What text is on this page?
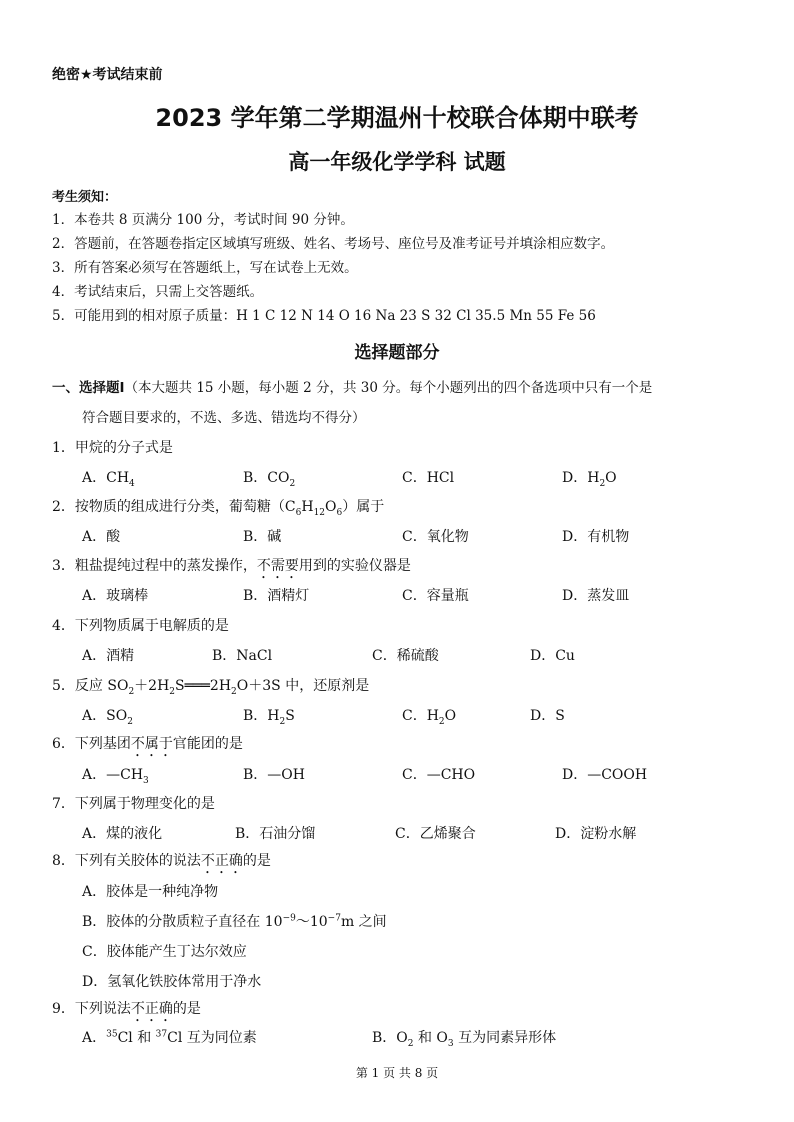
绝密★考试结束前
2023 学年第二学期温州十校联合体期中联考
高一年级化学学科 试题
考生须知：
1．本卷共 8 页满分 100 分，考试时间 90 分钟。
2．答题前，在答题卷指定区域填写班级、姓名、考场号、座位号及准考证号并填涂相应数字。
3．所有答案必须写在答题纸上，写在试卷上无效。
4．考试结束后，只需上交答题纸。
5．可能用到的相对原子质量：H 1 C 12 N 14 O 16 Na 23 S 32 Cl 35.5 Mn 55 Fe 56
选择题部分
一、选择题Ⅰ（本大题共 15 小题，每小题 2 分，共 30 分。每个小题列出的四个备选项中只有一个是
符合题目要求的，不选、多选、错选均不得分）
1．甲烷的分子式是
A．$CH_4$	B．$CO_2$	C．HCl	D．$H_2O$
2．按物质的组成进行分类，葡萄糖$(C_6H_{12}O_6)$属于
A．酸	B．碱	C．氧化物	D．有机物
3．粗盐提纯过程中的蒸发操作，不需要用到的实验仪器是
A．玻璃棒	B．酒精灯	C．容量瓶	D．蒸发皿
4．下列物质属于电解质的是
A．酒精	B．NaCl	C．稀硫酸	D．Cu
5．反应 $SO_2+2H_2S═══2H_2O+3S$ 中，还原剂是
A．$SO_2$	B．$H_2S$	C．$H_2O$	D．S
6．下列基团不属于官能团的是
A．$—CH_3$	B．—OH	C．—CHO	D．—COOH
7．下列属于物理变化的是
A．煤的液化	B．石油分馏	C．乙烯聚合	D．淀粉水解
8．下列有关胶体的说法不正确的是
A．胶体是一种纯净物
B．胶体的分散质粒子直径在 $10^{-9}\sim 10^{-7}m$ 之间
C．胶体能产生丁达尔效应
D．氢氧化铁胶体常用于净水
9．下列说法不正确的是
A．$^{35}$Cl 和 $^{37}$Cl 互为同位素	B．$O_2$ 和 $O_3$ 互为同素异形体
第 1 页 共 8 页
